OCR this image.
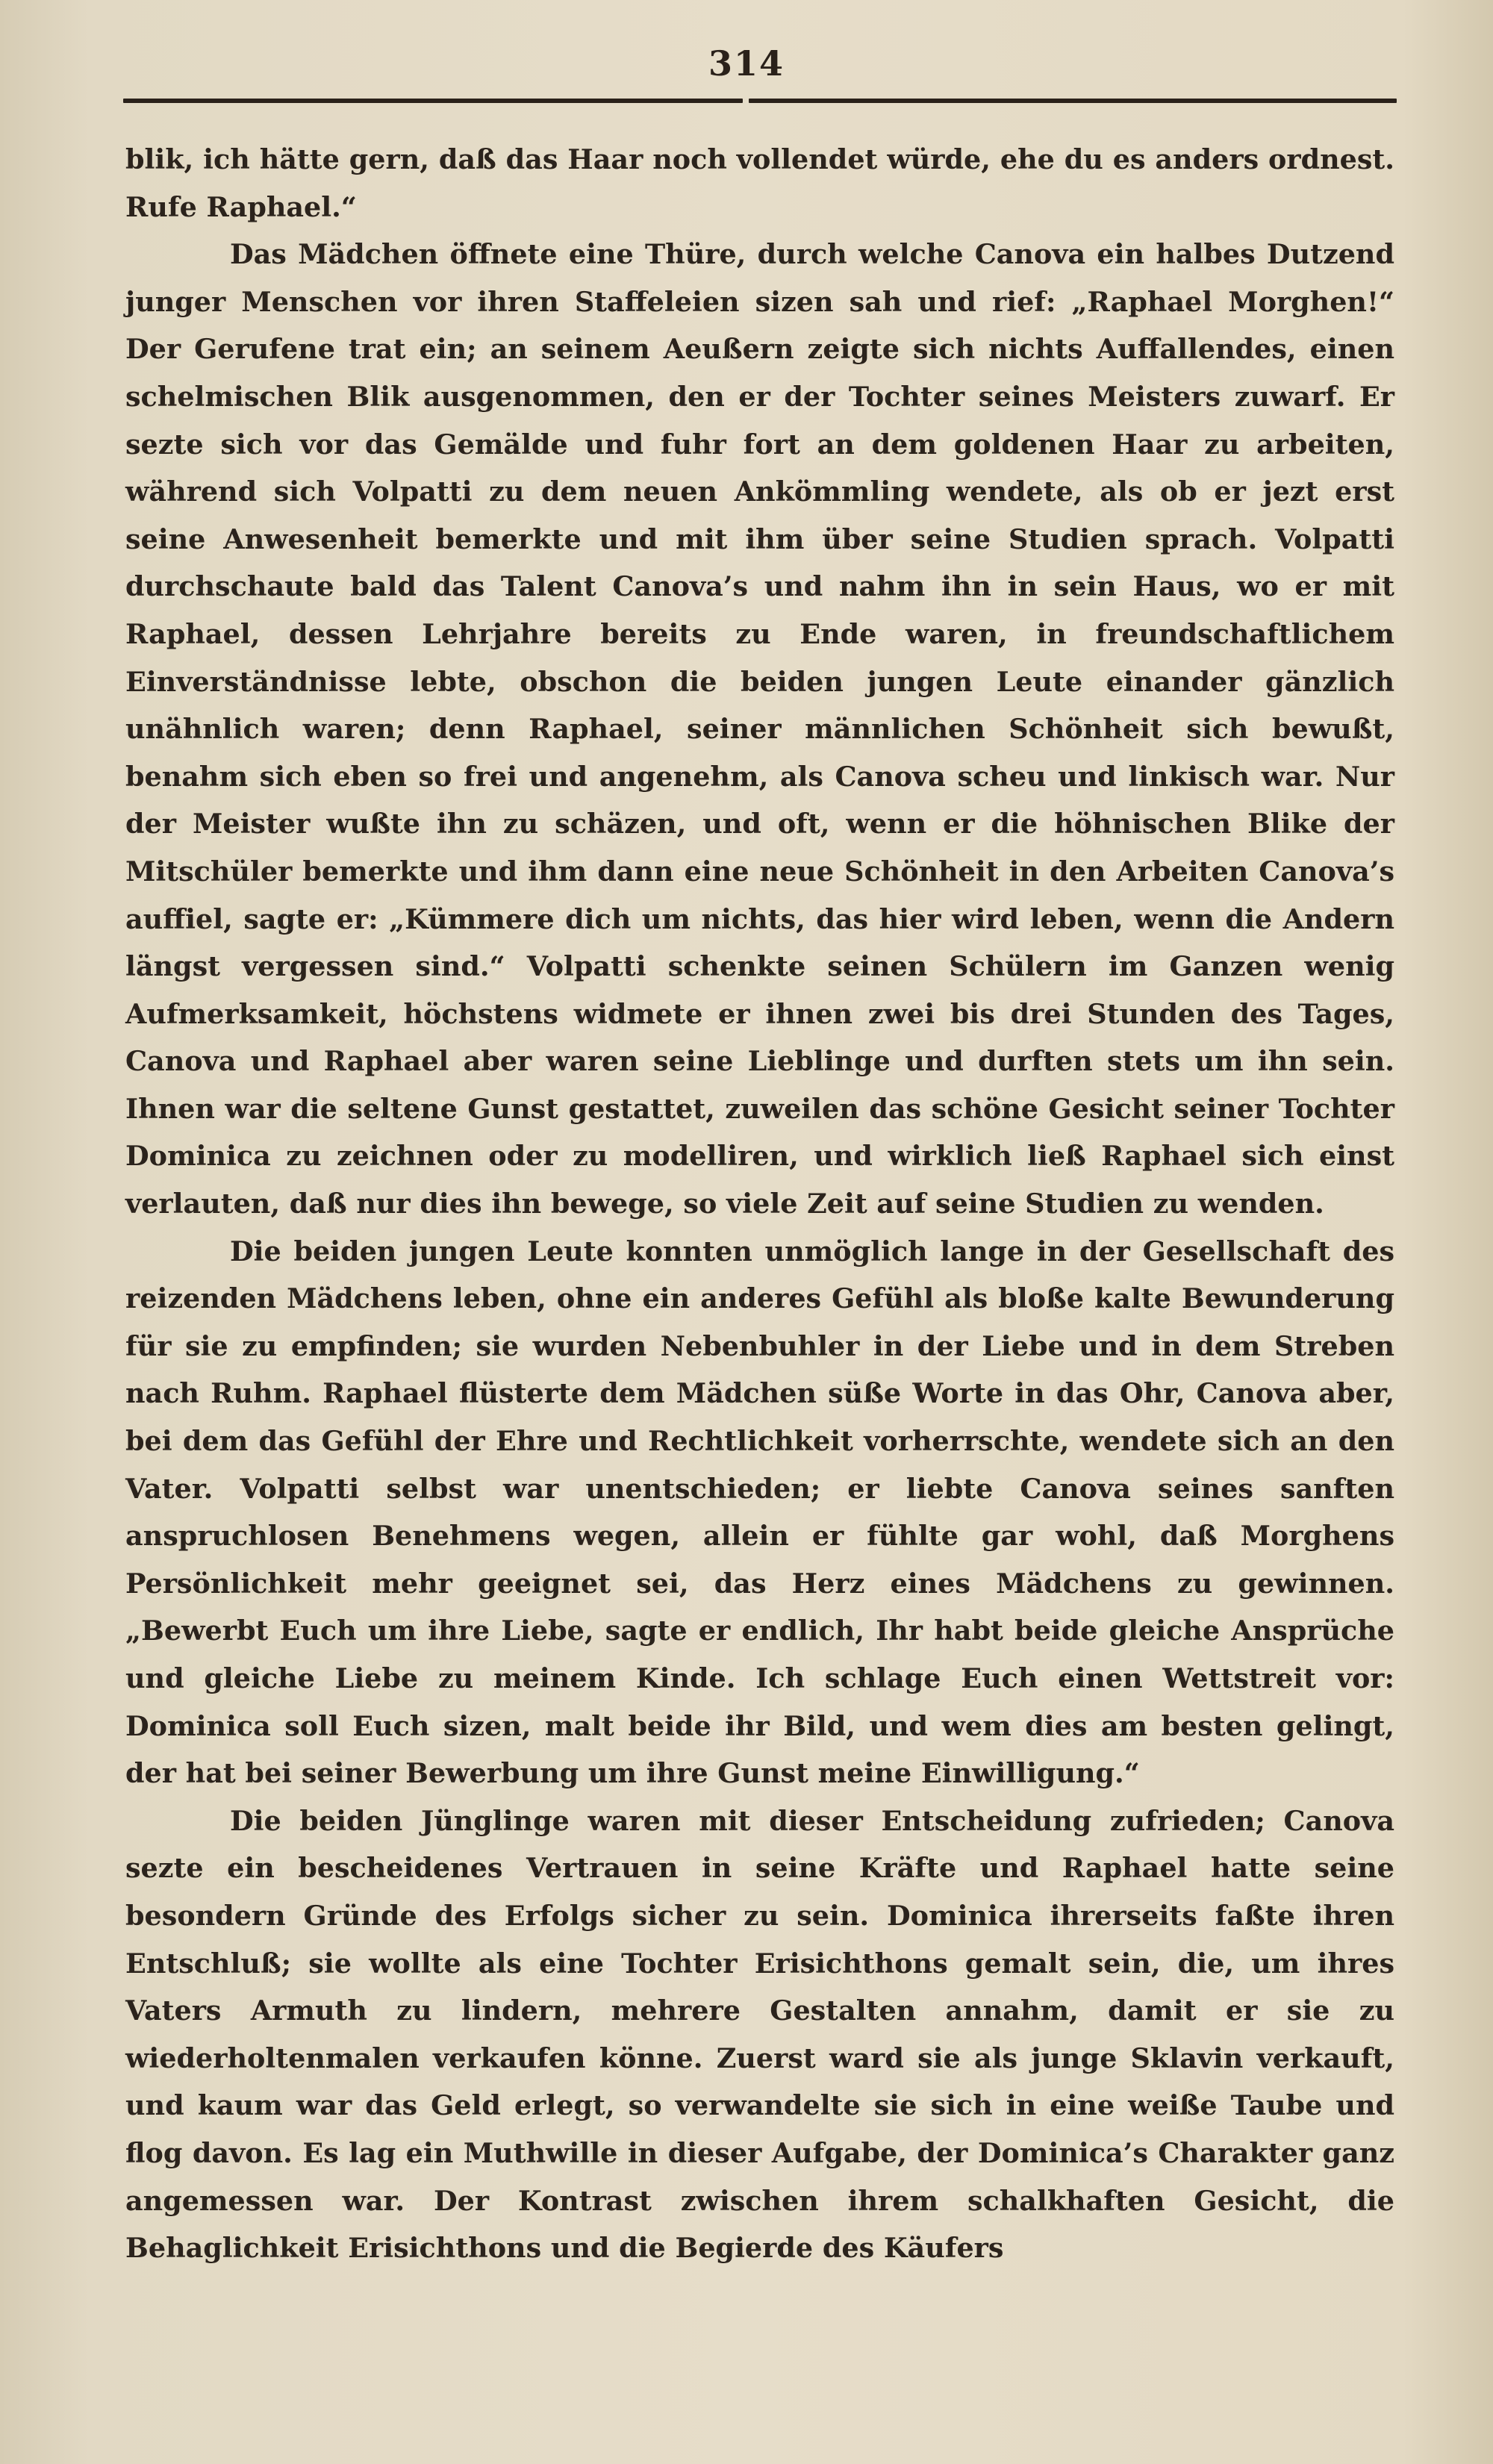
314

blik, ich hätte gern, daß das Haar noch vollendet würde, ehe du es anders ordnest. Rufe Raphael.“

Das Mädchen öffnete eine Thüre, durch welche Canova ein halbes Dutzend junger Menschen vor ihren Staffeleien sizen sah und rief: „Raphael Morghen!“ Der Gerufene trat ein; an seinem Aeußern zeigte sich nichts Auffallendes, einen schelmischen Blik ausgenommen, den er der Tochter seines Meisters zuwarf. Er sezte sich vor das Gemälde und fuhr fort an dem goldenen Haar zu arbeiten, während sich Volpatti zu dem neuen Ankömmling wendete, als ob er jezt erst seine Anwesenheit bemerkte und mit ihm über seine Studien sprach. Volpatti durchschaute bald das Talent Canova’s und nahm ihn in sein Haus, wo er mit Raphael, dessen Lehrjahre bereits zu Ende waren, in freundschaftlichem Einverständnisse lebte, obschon die beiden jungen Leute einander gänzlich unähnlich waren; denn Raphael, seiner männlichen Schönheit sich bewußt, benahm sich eben so frei und angenehm, als Canova scheu und linkisch war. Nur der Meister wußte ihn zu schäzen, und oft, wenn er die höhnischen Blike der Mitschüler bemerkte und ihm dann eine neue Schönheit in den Arbeiten Canova’s auffiel, sagte er: „Kümmere dich um nichts, das hier wird leben, wenn die Andern längst vergessen sind.“ Volpatti schenkte seinen Schülern im Ganzen wenig Aufmerksamkeit, höchstens widmete er ihnen zwei bis drei Stunden des Tages, Canova und Raphael aber waren seine Lieblinge und durften stets um ihn sein. Ihnen war die seltene Gunst gestattet, zuweilen das schöne Gesicht seiner Tochter Dominica zu zeichnen oder zu modelliren, und wirklich ließ Raphael sich einst verlauten, daß nur dies ihn bewege, so viele Zeit auf seine Studien zu wenden.

Die beiden jungen Leute konnten unmöglich lange in der Gesellschaft des reizenden Mädchens leben, ohne ein anderes Gefühl als bloße kalte Bewunderung für sie zu empfinden; sie wurden Nebenbuhler in der Liebe und in dem Streben nach Ruhm. Raphael flüsterte dem Mädchen süße Worte in das Ohr, Canova aber, bei dem das Gefühl der Ehre und Rechtlichkeit vorherrschte, wendete sich an den Vater. Volpatti selbst war unentschieden; er liebte Canova seines sanften anspruchlosen Benehmens wegen, allein er fühlte gar wohl, daß Morghens Persönlichkeit mehr geeignet sei, das Herz eines Mädchens zu gewinnen. „Bewerbt Euch um ihre Liebe, sagte er endlich, Ihr habt beide gleiche Ansprüche und gleiche Liebe zu meinem Kinde. Ich schlage Euch einen Wettstreit vor: Dominica soll Euch sizen, malt beide ihr Bild, und wem dies am besten gelingt, der hat bei seiner Bewerbung um ihre Gunst meine Einwilligung.“

Die beiden Jünglinge waren mit dieser Entscheidung zufrieden; Canova sezte ein bescheidenes Vertrauen in seine Kräfte und Raphael hatte seine besondern Gründe des Erfolgs sicher zu sein. Dominica ihrerseits faßte ihren Entschluß; sie wollte als eine Tochter Erisichthons gemalt sein, die, um ihres Vaters Armuth zu lindern, mehrere Gestalten annahm, damit er sie zu wiederholtenmalen verkaufen könne. Zuerst ward sie als junge Sklavin verkauft, und kaum war das Geld erlegt, so verwandelte sie sich in eine weiße Taube und flog davon. Es lag ein Muthwille in dieser Aufgabe, der Dominica’s Charakter ganz angemessen war. Der Kontrast zwischen ihrem schalkhaften Gesicht, die Behaglichkeit Erisichthons und die Begierde des Käufers
